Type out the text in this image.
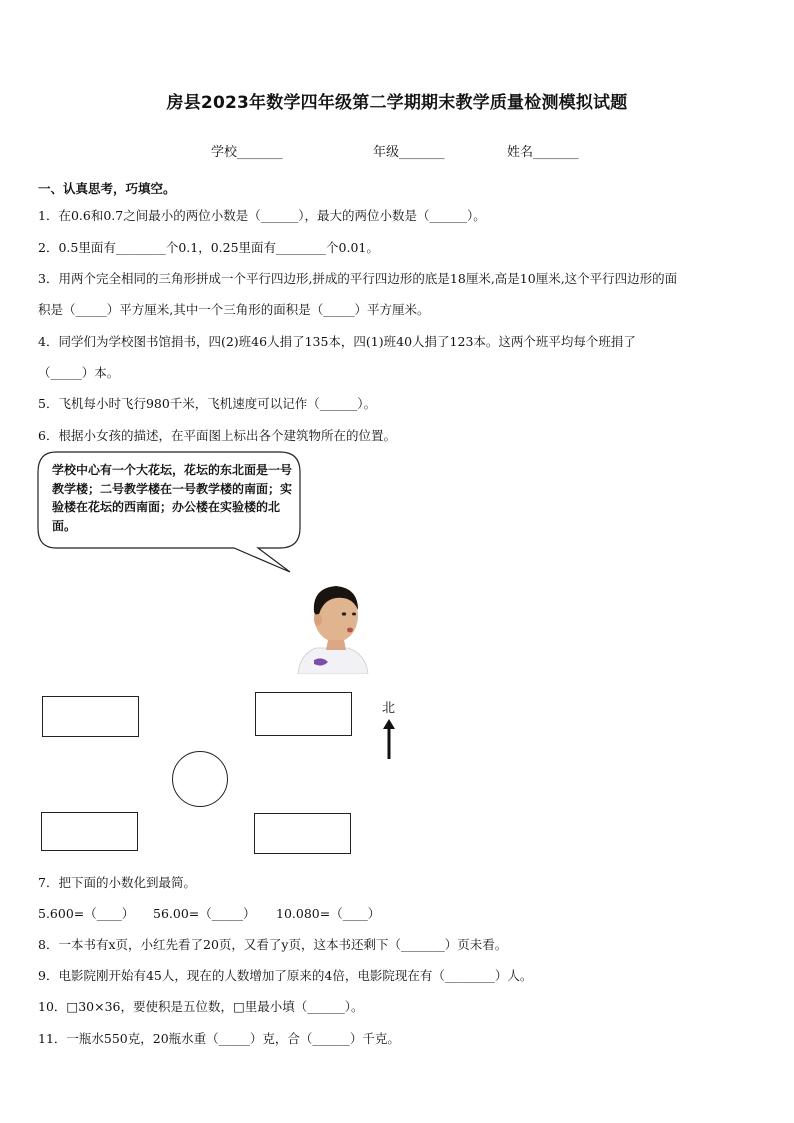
房县2023年数学四年级第二学期期末教学质量检测模拟试题
学校_______	年级_______	姓名_______
一、认真思考，巧填空。
1．在0.6和0.7之间最小的两位小数是（______），最大的两位小数是（______）。
2．0.5里面有________个0.1，0.25里面有________个0.01。
3．用两个完全相同的三角形拼成一个平行四边形,拼成的平行四边形的底是18厘米,高是10厘米,这个平行四边形的面
积是（_____）平方厘米,其中一个三角形的面积是（_____）平方厘米。
4．同学们为学校图书馆捐书，四(2)班46人捐了135本，四(1)班40人捐了123本。这两个班平均每个班捐了
（_____）本。
5．飞机每小时飞行980千米，飞机速度可以记作（______）。
6．根据小女孩的描述，在平面图上标出各个建筑物所在的位置。
学校中心有一个大花坛，花坛的东北面是一号教学楼；二号教学楼在一号教学楼的南面；实验楼在花坛的西南面；办公楼在实验楼的北面。
北
7．把下面的小数化到最简。
5.600=（____） 56.00=（_____） 10.080=（____）
8．一本书有x页，小红先看了20页，又看了y页，这本书还剩下（_______）页未看。
9．电影院刚开始有45人，现在的人数增加了原来的4倍，电影院现在有（________）人。
10．□30×36，要使积是五位数，□里最小填（______）。
11．一瓶水550克，20瓶水重（_____）克，合（______）千克。
